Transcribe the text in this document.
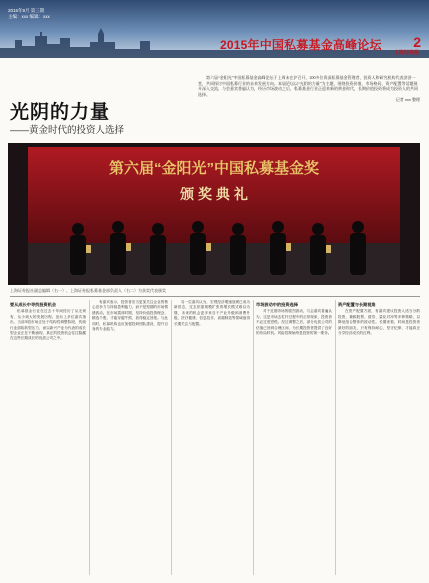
2015年9月 第三期
主编：xxx 编辑：xxx
2015年中国私募基金高峰论坛 2
上海证券报
光阴的力量
——黄金时代的投资人选择

第六届“金阳光”中国私募基金高峰论坛于上周末在沪召开，200多位资深私募基金管理者、投资人和研究机构代表济济一堂，共同探讨中国私募行业的未来发展方向。本届论坛以“光阴的力量”为主题，围绕投资价值、市场格局、资产配置等话题展开深入交流，与会嘉宾普遍认为，经历市场波动之后，私募基金行业正迎来新的黄金时代，长期价值投资将成为投资人的共同选择。

记者 xxx 整理

第六届“金阳光”中国私募基金奖
颁 奖 典 礼
上海证券报社副总编辑（右一）、上海证券报私募基金部负责人（右二）为获奖代表颁奖
要从成长中寻找投资机会
私募基金行业在过去十年间经历了从无到有、从小到大的发展历程。论坛上多位嘉宾指出，当前A股市场正处于结构性调整阶段，传统行业面临转型压力，而以新兴产业为代表的成长型企业正在不断涌现，真正的投资机会往往隐藏在这些长期成长的优质公司之中。
有嘉宾表示，投资者应当更加关注企业的核心竞争力与持续盈利能力，而不是短期的市场情绪波动。在市场震荡时期，坚持价值投资理念、精选个股，才能穿越牛熊、获得稳定回报。与此同时，私募机构也应加强投研团队建设，提升自身的专业能力。
另一位嘉宾认为，宏观经济增速放缓已成为新常态，过去依靠规模扩张的增长模式难以为继，未来的机会更多来自于产业升级和消费升级，医疗健康、信息技术、高端制造等领域值得长期关注与配置。
市场波动中的投资选择
对于近期市场的剧烈波动，与会嘉宾普遍认为，这是市场去杠杆过程中的正常现象，投资者不必过度恐慌。经过调整之后，部分优质公司的估值已回到合理区间，为长期投资者提供了良好的布局时机。风险控制始终是投资的第一要务。
资产配置与长期视角
在资产配置方面，有嘉宾建议投资人适当分散投资，兼顾股票、债券、量化对冲等多种策略，以降低组合整体的波动性。长期来看，时间是投资者最好的朋友，只有保持耐心、坚守纪律，才能真正分享经济成长的红利。
